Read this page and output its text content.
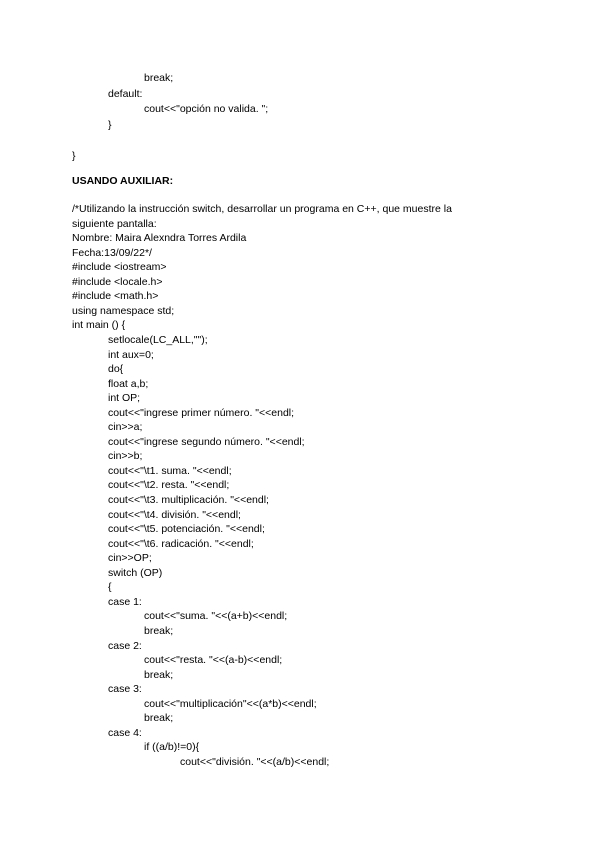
break;
default:
cout<<"opción no valida. ";
}
}
USANDO AUXILIAR:
/*Utilizando la instrucción switch, desarrollar un programa en C++, que muestre la
siguiente pantalla:
Nombre: Maira Alexndra Torres Ardila
Fecha:13/09/22*/
#include <iostream>
#include <locale.h>
#include <math.h>
using namespace std;
int main () {
setlocale(LC_ALL,"");
int aux=0;
do{
float a,b;
int OP;
cout<<"ingrese primer número. "<<endl;
cin>>a;
cout<<"ingrese segundo número. "<<endl;
cin>>b;
cout<<"\t1. suma. "<<endl;
cout<<"\t2. resta. "<<endl;
cout<<"\t3. multiplicación. "<<endl;
cout<<"\t4. división. "<<endl;
cout<<"\t5. potenciación. "<<endl;
cout<<"\t6. radicación. "<<endl;
cin>>OP;
switch (OP)
{
case 1:
cout<<"suma. "<<(a+b)<<endl;
break;
case 2:
cout<<"resta. "<<(a-b)<<endl;
break;
case 3:
cout<<"multiplicación"<<(a*b)<<endl;
break;
case 4:
if ((a/b)!=0){
cout<<"división. "<<(a/b)<<endl;
